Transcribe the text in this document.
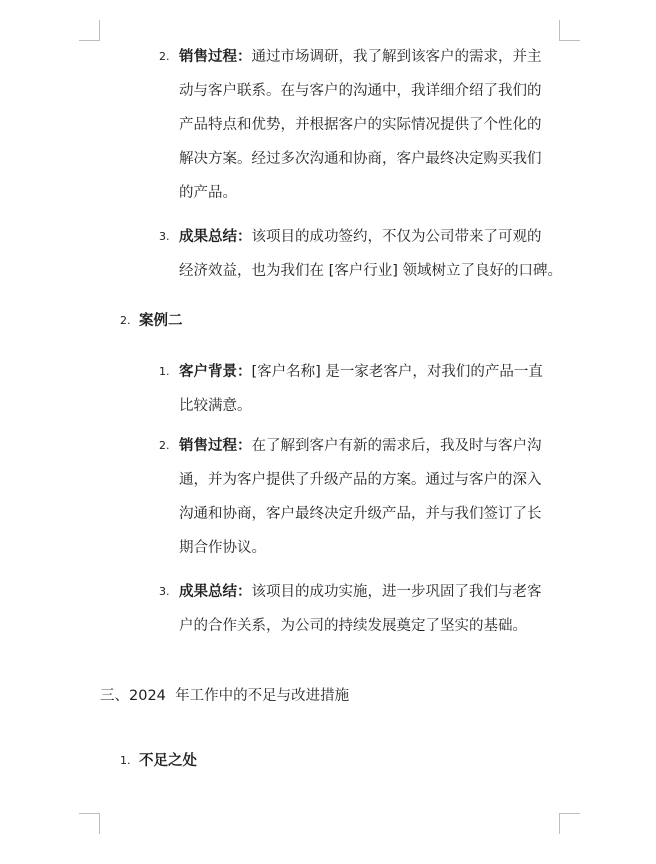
2. 销售过程：通过市场调研，我了解到该客户的需求，并主
动与客户联系。在与客户的沟通中，我详细介绍了我们的
产品特点和优势，并根据客户的实际情况提供了个性化的
解决方案。经过多次沟通和协商，客户最终决定购买我们
的产品。
3. 成果总结：该项目的成功签约，不仅为公司带来了可观的
经济效益，也为我们在 [客户行业] 领域树立了良好的口碑。
2. 案例二
1. 客户背景：[客户名称] 是一家老客户，对我们的产品一直
比较满意。
2. 销售过程：在了解到客户有新的需求后，我及时与客户沟
通，并为客户提供了升级产品的方案。通过与客户的深入
沟通和协商，客户最终决定升级产品，并与我们签订了长
期合作协议。
3. 成果总结：该项目的成功实施，进一步巩固了我们与老客
户的合作关系，为公司的持续发展奠定了坚实的基础。
三、2024  年工作中的不足与改进措施
1. 不足之处
